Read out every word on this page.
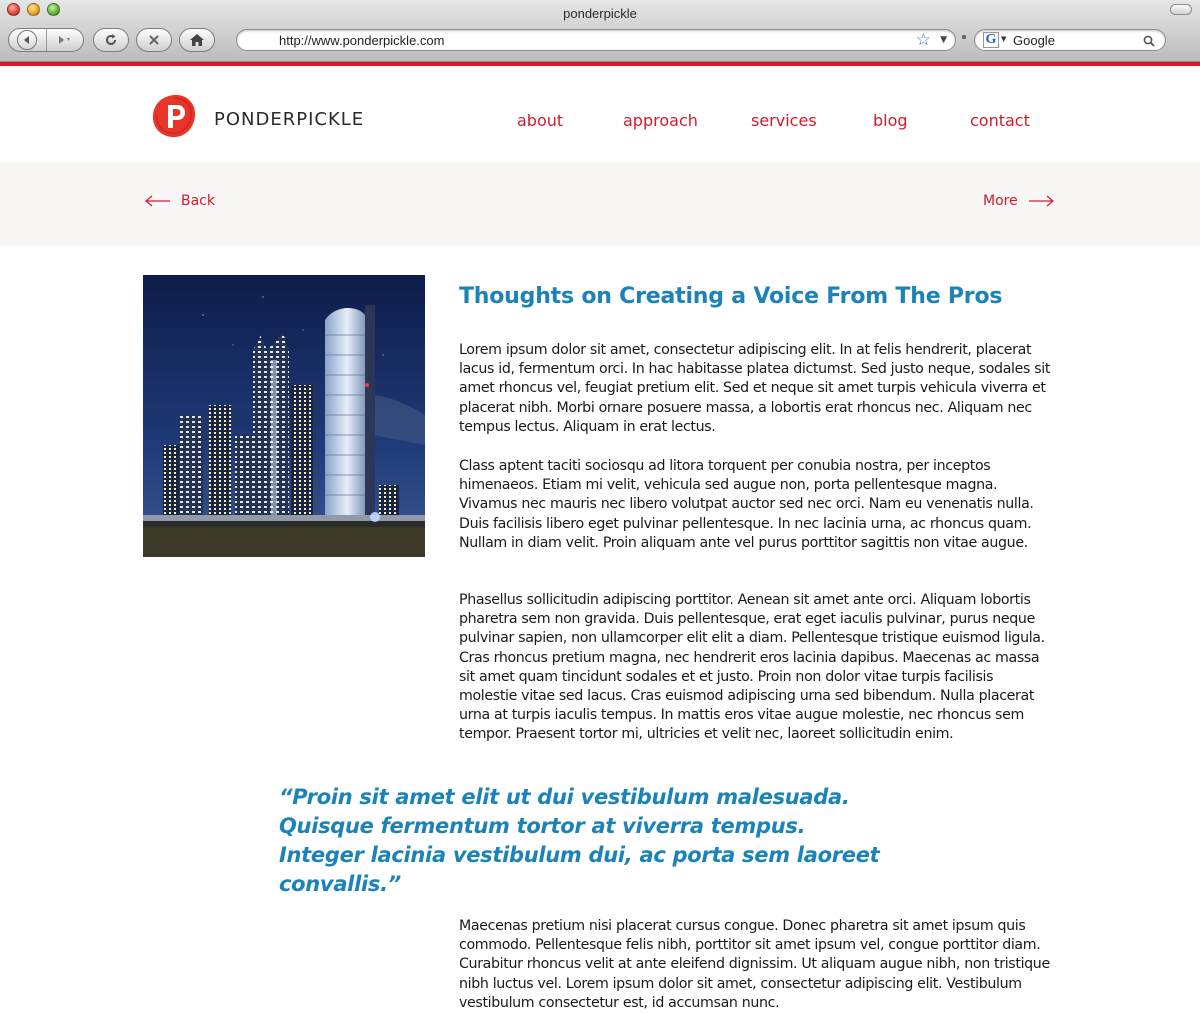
ponderpickle
http://www.ponderpickle.com	☆ ▼	G ▼ Google
ponderpickle	about	approach	services	blog	contact
Back	More
Thoughts on Creating a Voice From The Pros

Lorem ipsum dolor sit amet, consectetur adipiscing elit. In at felis hendrerit, placerat lacus id, fermentum orci. In hac habitasse platea dictumst. Sed justo neque, sodales sit amet rhoncus vel, feugiat pretium elit. Sed et neque sit amet turpis vehicula viverra et placerat nibh. Morbi ornare posuere massa, a lobortis erat rhoncus nec. Aliquam nec tempus lectus. Aliquam in erat lectus.

Class aptent taciti sociosqu ad litora torquent per conubia nostra, per inceptos himenaeos. Etiam mi velit, vehicula sed augue non, porta pellentesque magna. Vivamus nec mauris nec libero volutpat auctor sed nec orci. Nam eu venenatis nulla. Duis facilisis libero eget pulvinar pellentesque. In nec lacinia urna, ac rhoncus quam. Nullam in diam velit. Proin aliquam ante vel purus porttitor sagittis non vitae augue.

Phasellus sollicitudin adipiscing porttitor. Aenean sit amet ante orci. Aliquam lobortis pharetra sem non gravida. Duis pellentesque, erat eget iaculis pulvinar, purus neque pulvinar sapien, non ullamcorper elit elit a diam. Pellentesque tristique euismod ligula. Cras rhoncus pretium magna, nec hendrerit eros lacinia dapibus. Maecenas ac massa sit amet quam tincidunt sodales et et justo. Proin non dolor vitae turpis facilisis molestie vitae sed lacus. Cras euismod adipiscing urna sed bibendum. Nulla placerat urna at turpis iaculis tempus. In mattis eros vitae augue molestie, nec rhoncus sem tempor. Praesent tortor mi, ultricies et velit nec, laoreet sollicitudin enim.

“Proin sit amet elit ut dui vestibulum malesuada.
Quisque fermentum tortor at viverra tempus.
Integer lacinia vestibulum dui, ac porta sem laoreet
convallis.”

Maecenas pretium nisi placerat cursus congue. Donec pharetra sit amet ipsum quis commodo. Pellentesque felis nibh, porttitor sit amet ipsum vel, congue porttitor diam. Curabitur rhoncus velit at ante eleifend dignissim. Ut aliquam augue nibh, non tristique nibh luctus vel. Lorem ipsum dolor sit amet, consectetur adipiscing elit. Vestibulum vestibulum consectetur est, id accumsan nunc.
